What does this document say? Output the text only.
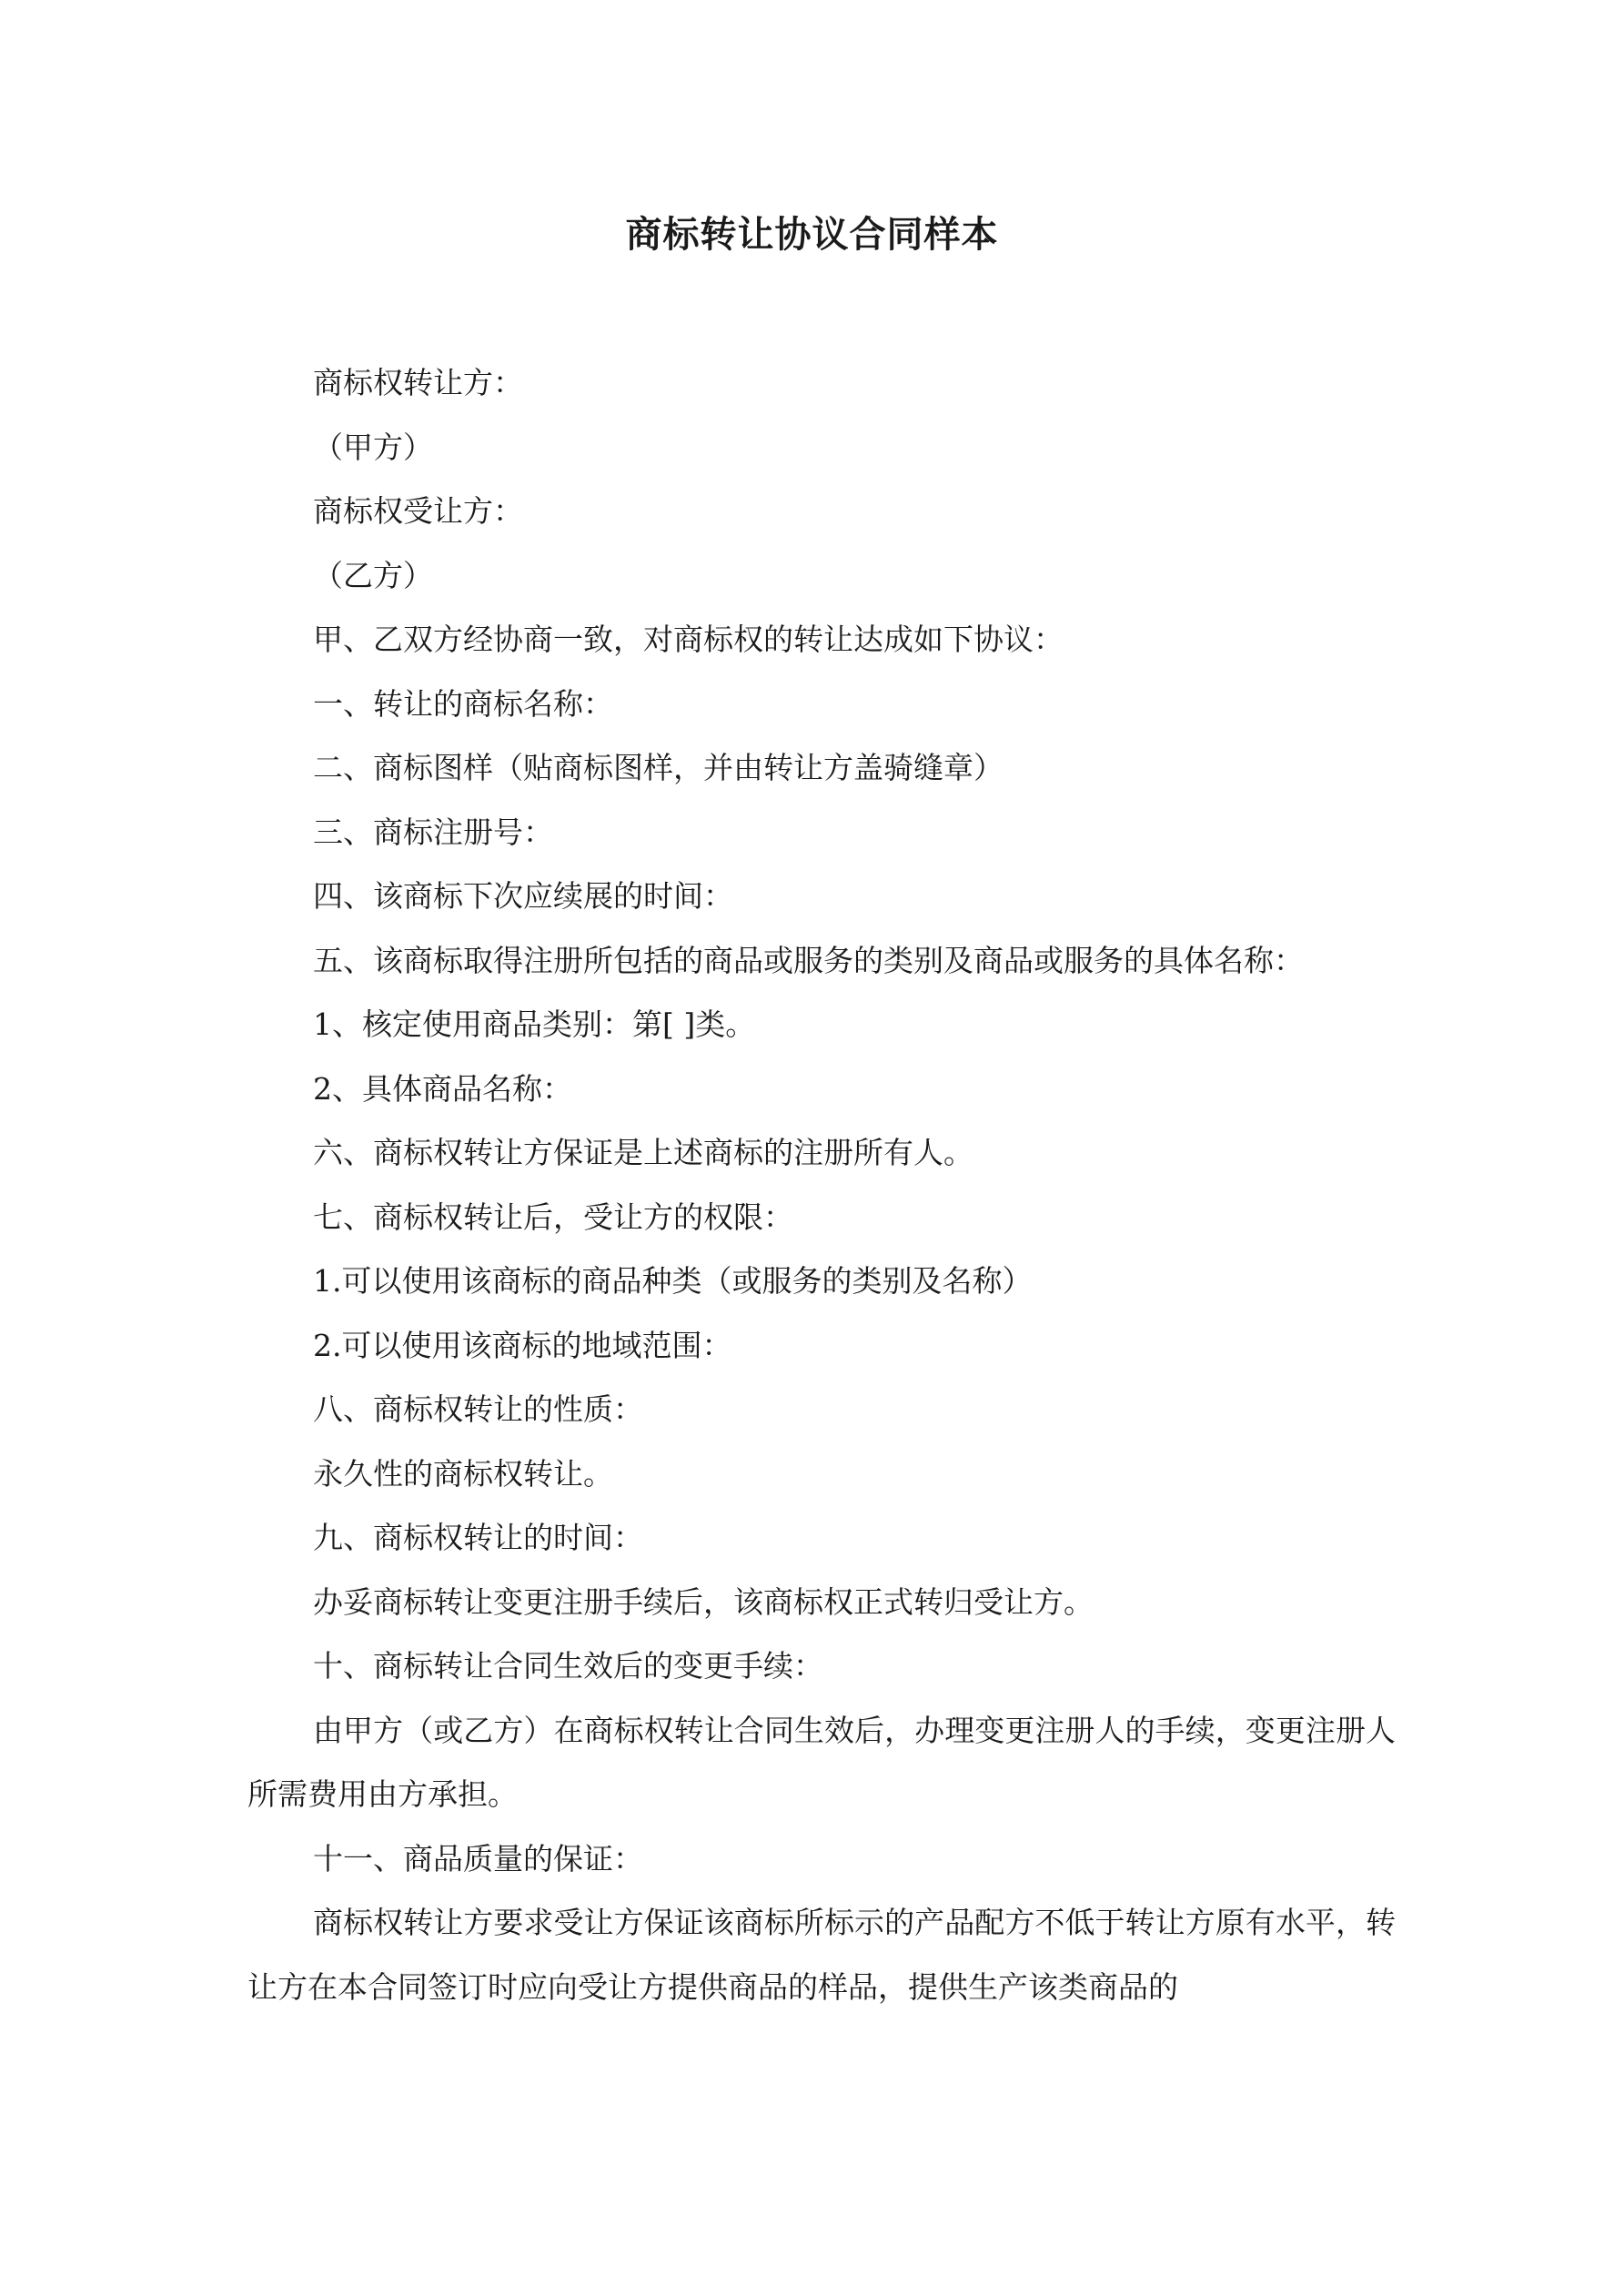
商标转让协议合同样本

商标权转让方：

（甲方）

商标权受让方：

（乙方）

甲、乙双方经协商一致，对商标权的转让达成如下协议：

一、转让的商标名称：

二、商标图样（贴商标图样，并由转让方盖骑缝章）

三、商标注册号：

四、该商标下次应续展的时间：

五、该商标取得注册所包括的商品或服务的类别及商品或服务的具体名称：

1、核定使用商品类别：第[ ]类。

2、具体商品名称：

六、商标权转让方保证是上述商标的注册所有人。

七、商标权转让后，受让方的权限：

1.可以使用该商标的商品种类（或服务的类别及名称）

2.可以使用该商标的地域范围：

八、商标权转让的性质：

永久性的商标权转让。

九、商标权转让的时间：

办妥商标转让变更注册手续后，该商标权正式转归受让方。

十、商标转让合同生效后的变更手续：

由甲方（或乙方）在商标权转让合同生效后，办理变更注册人的手续，变更注册人所需费用由方承担。

十一、商品质量的保证：

商标权转让方要求受让方保证该商标所标示的产品配方不低于转让方原有水平，转让方在本合同签订时应向受让方提供商品的样品，提供生产该类商品的
